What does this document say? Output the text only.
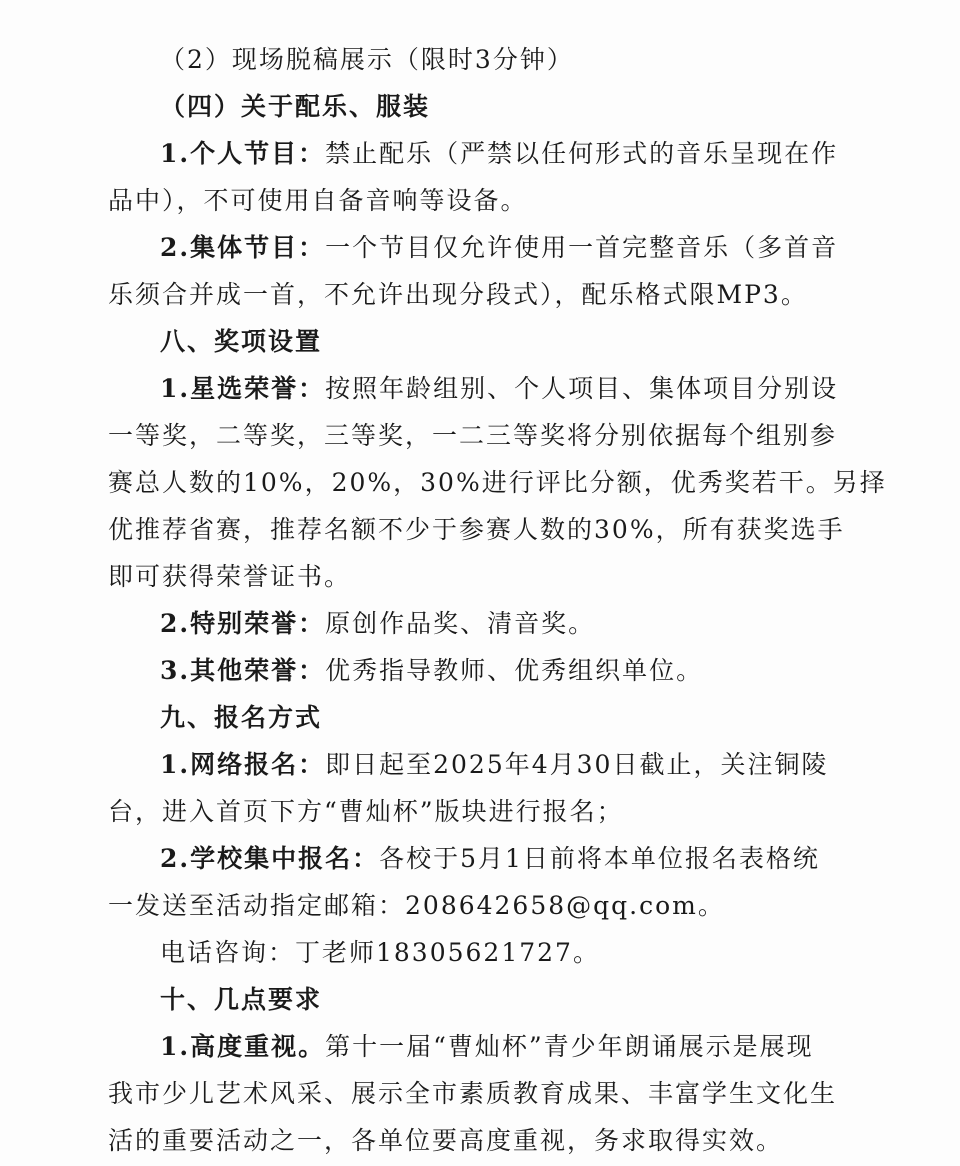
（2）现场脱稿展示（限时3分钟）
（四）关于配乐、服装
1.个人节目：禁止配乐（严禁以任何形式的音乐呈现在作
品中），不可使用自备音响等设备。
2.集体节目：一个节目仅允许使用一首完整音乐（多首音
乐须合并成一首，不允许出现分段式），配乐格式限MP3。
八、奖项设置
1.星选荣誉：按照年龄组别、个人项目、集体项目分别设
一等奖，二等奖，三等奖，一二三等奖将分别依据每个组别参
赛总人数的10%，20%，30%进行评比分额，优秀奖若干。另择
优推荐省赛，推荐名额不少于参赛人数的30%，所有获奖选手
即可获得荣誉证书。
2.特别荣誉：原创作品奖、清音奖。
3.其他荣誉：优秀指导教师、优秀组织单位。
九、报名方式
1.网络报名：即日起至2025年4月30日截止，关注铜陵
台，进入首页下方“曹灿杯”版块进行报名；
2.学校集中报名：各校于5月1日前将本单位报名表格统
一发送至活动指定邮箱：208642658@qq.com。
电话咨询：丁老师18305621727。
十、几点要求
1.高度重视。第十一届“曹灿杯”青少年朗诵展示是展现
我市少儿艺术风采、展示全市素质教育成果、丰富学生文化生
活的重要活动之一，各单位要高度重视，务求取得实效。
